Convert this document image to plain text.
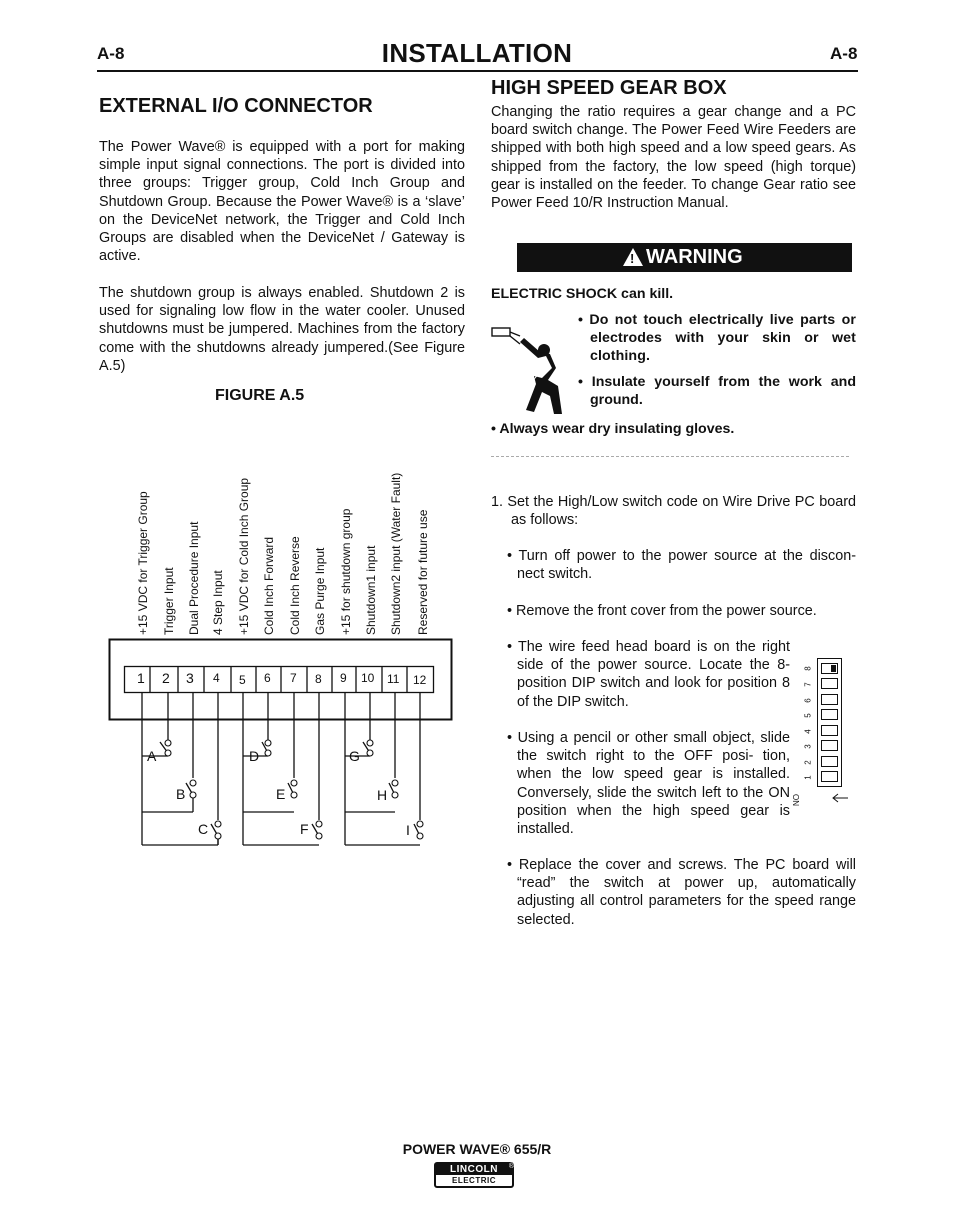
A-8	INSTALLATION	A-8
EXTERNAL I/O CONNECTOR

The Power Wave® is equipped with a port for making simple input signal connections. The port is divided into three groups: Trigger group, Cold Inch Group and Shutdown Group. Because the Power Wave® is a ‘slave’ on the DeviceNet network, the Trigger and Cold Inch Groups are disabled when the DeviceNet / Gateway is active.

The shutdown group is always enabled. Shutdown 2 is used for signaling low flow in the water cooler. Unused shutdowns must be jumpered. Machines from the factory come with the shutdowns already jumpered.(See Figure A.5)

FIGURE A.5
+15 VDC for Trigger Group Trigger Input Dual Procedure Input 4 Step Input +15 VDC for Cold Inch Group Cold Inch Forward Cold Inch Reverse Gas Purge Input +15 for shutdown group Shutdown1 input Shutdown2 input (Water Fault) Reserved for future use
1 2 3 4 5 6 7 8 9 10 11 12
A
B
C
D
E
F
G
H
I
HIGH SPEED GEAR BOX

Changing the ratio requires a gear change and a PC board switch change. The Power Feed Wire Feeders are shipped with both high speed and a low speed gears. As shipped from the factory, the low speed (high torque) gear is installed on the feeder. To change Gear ratio see Power Feed 10/R Instruction Manual.

!
WARNING
ELECTRIC SHOCK can kill.
• Do not touch electrically live parts or electrodes with your skin or wet clothing.
• Insulate yourself from the work and ground.
• Always wear dry insulating gloves.
1. Set the High/Low switch code on Wire Drive PC board as follows:
• Turn off power to the power source at the discon- nect switch.
• Remove the front cover from the power source.
• The wire feed head board is on the right side of the power source. Locate the 8- position DIP switch and look for position 8 of the DIP switch.
• Using a pencil or other small object, slide the switch right to the OFF posi- tion, when the low speed gear is installed. Conversely, slide the switch left to the ON position when the high speed gear is installed.
• Replace the cover and screws. The PC board will “read” the switch at power up, automatically adjusting all control parameters for the speed range selected.
8
7
6
5
4
3
2
1
ON
POWER WAVE® 655/R
LINCOLN
ELECTRIC
®
